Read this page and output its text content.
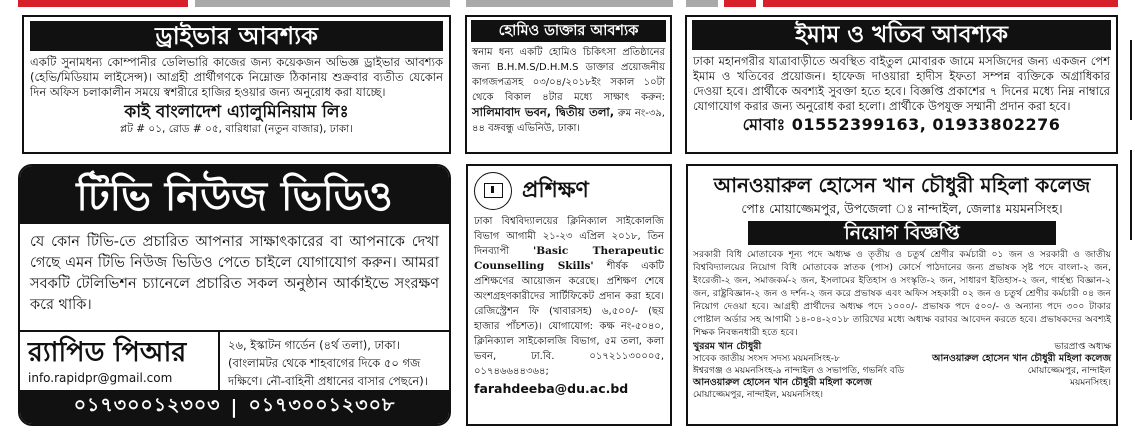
ড্রাইভার আবশ্যক
একটি সুনামধন্য কোম্পানীর ডেলিভারি কাজের জন্য কয়েকজন অভিজ্ঞ ড্রাইভার আবশ্যক (হেভি/মিডিয়াম লাইসেন্স)। আগ্রহী প্রার্থীগণকে নিম্নোক্ত ঠিকানায় শুক্রবার ব্যতীত যেকোন দিন অফিস চলাকালীন সময়ে স্বশরীরে হাজির হওয়ার জন্য অনুরোধ করা যাচ্ছে।
কাই বাংলাদেশ এ্যালুমিনিয়াম লিঃ
প্লট # ০১, রোড # ০৫, বারিধারা (নতুন বাজার), ঢাকা।
হোমিও ডাক্তার আবশ্যক
স্বনাম ধন্য একটি হোমিও চিকিৎসা প্রতিষ্ঠানের জন্য B.H.M.S/D.H.M.S ডাক্তার প্রয়োজনীয় কাগজপত্রসহ ০৩/০৪/২০১৮ইং সকাল ১০টা থেকে বিকাল ৪টার মধ্যে সাক্ষাৎ করুন: সালিমাবাদ ভবন, দ্বিতীয় তলা, রুম নং-৩৯, ৪৪ বঙ্গবন্ধু এভিনিউ, ঢাকা।
ইমাম ও খতিব আবশ্যক
ঢাকা মহানগরীর যাত্রাবাড়ীতে অবস্থিত বাইতুল মোবারক জামে মসজিদের জন্য একজন পেশ ইমাম ও খতিবের প্রয়োজন। হাফেজ দাওয়ারা হাদীস ইফতা সম্পন্ন ব্যক্তিকে অগ্রাধিকার দেওয়া হবে। প্রার্থীকে অবশ্যই সুবক্তা হতে হবে। বিজ্ঞপ্তি প্রকাশের ৭ দিনের মধ্যে নিম্ন নাম্বারে যোগাযোগ করার জন্য অনুরোধ করা হলো। প্রার্থীকে উপযুক্ত সম্মানী প্রদান করা হবে।
মোবাঃ 01552399163, 01933802276
টিভি নিউজ ভিডিও
যে কোন টিভি-তে প্রচারিত আপনার সাক্ষাৎকারের বা আপনাকে দেখা গেছে এমন টিভি নিউজ ভিডিও পেতে চাইলে যোগাযোগ করুন। আমরা সবকটি টেলিভিশন চ্যানেলে প্রচারিত সকল অনুষ্ঠান আর্কাইভে সংরক্ষণ করে থাকি।
র‍্যাপিড পিআর
info.rapidpr@gmail.com
২৬, ইস্কাটন গার্ডেন (৪র্থ তলা), ঢাকা। (বাংলামটর থেকে শাহবাগের দিকে ৫০ গজ দক্ষিণে। নৌ-বাহিনী প্রধানের বাসার পেছনে)।
০১৭৩০০১২৩০৩ | ০১৭৩০০১২৩০৮
প্রশিক্ষণ
ঢাকা বিশ্ববিদ্যালয়ের ক্লিনিক্যাল সাইকোলজি বিভাগ আগামী ২১-২৩ এপ্রিল ২০১৮, তিন দিনব্যাপী 'Basic Therapeutic Counselling Skills' শীর্ষক একটি প্রশিক্ষণের আয়োজন করেছে। প্রশিক্ষণ শেষে অংশগ্রহণকারীদের সার্টিফিকেট প্রদান করা হবে। রেজিস্ট্রেশন ফি (খাবারসহ) ৬,৫০০/- (ছয় হাজার পাঁচশত)। যোগাযোগ: কক্ষ নং-৫০৪০, ক্লিনিক্যাল সাইকোলজি বিভাগ, ৫ম তলা, কলা ভবন, ঢা.বি. ০১৭২১১৩০০০৫, ০১৭৪৬৬৪৪৩৬৪;
farahdeeba@du.ac.bd
আনওয়ারুল হোসেন খান চৌধুরী মহিলা কলেজ
পোঃ মোয়াজ্জেমপুর, উপজেলা ঃ নান্দাইল, জেলাঃ ময়মনসিংহ।
নিয়োগ বিজ্ঞপ্তি
সরকারী বিধি মোতাবেক শূন্য পদে অধ্যক্ষ ও তৃতীয় ও চতুর্থ শ্রেণীর কর্মচারী ০১ জন ও সরকারী ও জাতীয় বিশ্ববিদ্যালয়ের নিয়োগ বিধি মোতাবেক স্নাতক (পাস) কোর্সে পাঠদানের জন্য প্রভাষক সৃষ্ট পদে বাংলা-২ জন, ইংরেজী-২ জন, সমাজকর্ম-২ জন, ইসলামের ইতিহাস ও সংস্কৃতি-২ জন, সাধারণ ইতিহাস-২ জন, গার্হস্থ্য বিজ্ঞান-২ জন, রাষ্ট্রবিজ্ঞান-২ জন ও দর্শন-২ জন করে প্রভাষক এবং অফিস সহকারী ০২ জন ও চতুর্থ শ্রেণীর কর্মচারী ০৪ জন নিয়োগ দেওয়া হবে। আগ্রহী প্রার্থীদের অধ্যক্ষ পদে ১০০০/- প্রভাষক পদে ৫০০/- ও অন্যান্য পদে ৩০০ টাকার পোষ্টাল অর্ডার সহ আগামী ১৪-০৪-২০১৮ তারিখের মধ্যে অধ্যক্ষ বরাবর আবেদন করতে হবে। প্রভাষকদের অবশ্যই শিক্ষক নিবন্ধনধারী হতে হবে।
খুররম খান চৌধুরী
সাবেক জাতীয় সংসদ সদস্য ময়মনসিংহ-৮
ঈশ্বরগঞ্জ ও ময়মনসিংহ-৯ নান্দাইল ও সভাপতি, গভর্নিং বডি
আনওয়ারুল হোসেন খান চৌধুরী মহিলা কলেজ
মোয়াজ্জেমপুর, নান্দাইল, ময়মনসিংহ।
ভারপ্রাপ্ত অধ্যক্ষ
আনওয়ারুল হোসেন খান চৌধুরী মহিলা কলেজ
মোয়াজ্জেমপুর, নান্দাইল
ময়মনসিংহ।
